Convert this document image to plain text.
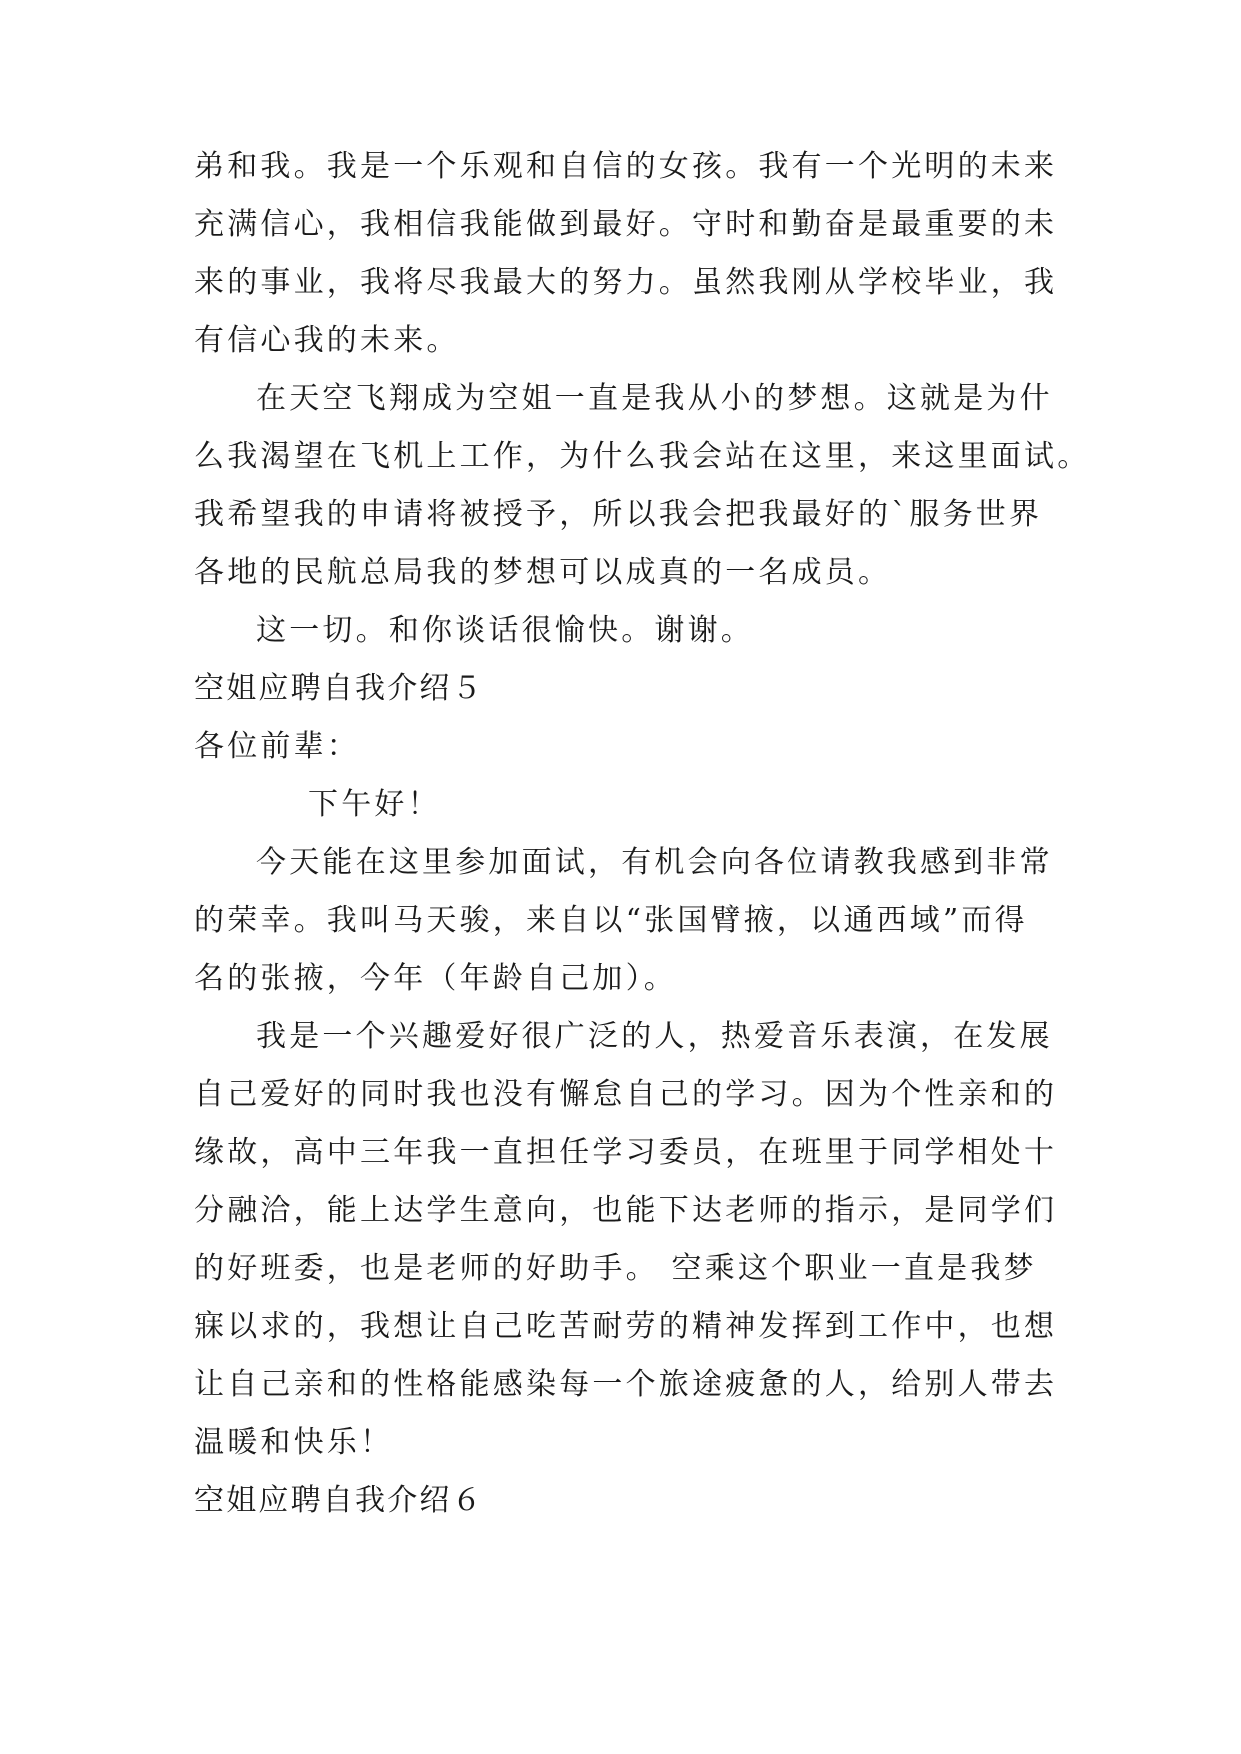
弟和我。我是一个乐观和自信的女孩。我有一个光明的未来
充满信心，我相信我能做到最好。守时和勤奋是最重要的未
来的事业，我将尽我最大的努力。虽然我刚从学校毕业，我
有信心我的未来。
在天空飞翔成为空姐一直是我从小的梦想。这就是为什
么我渴望在飞机上工作，为什么我会站在这里，来这里面试。
我希望我的申请将被授予，所以我会把我最好的`服务世界
各地的民航总局我的梦想可以成真的一名成员。
这一切。和你谈话很愉快。谢谢。
空姐应聘自我介绍５
各位前辈：
下午好！
今天能在这里参加面试，有机会向各位请教我感到非常
的荣幸。我叫马天骏，来自以“张国臂掖，以通西域”而得
名的张掖，今年（年龄自己加）。
我是一个兴趣爱好很广泛的人，热爱音乐表演，在发展
自己爱好的同时我也没有懈怠自己的学习。因为个性亲和的
缘故，高中三年我一直担任学习委员，在班里于同学相处十
分融洽，能上达学生意向，也能下达老师的指示，是同学们
的好班委，也是老师的好助手。 空乘这个职业一直是我梦
寐以求的，我想让自己吃苦耐劳的精神发挥到工作中，也想
让自己亲和的性格能感染每一个旅途疲惫的人，给别人带去
温暖和快乐！
空姐应聘自我介绍６
